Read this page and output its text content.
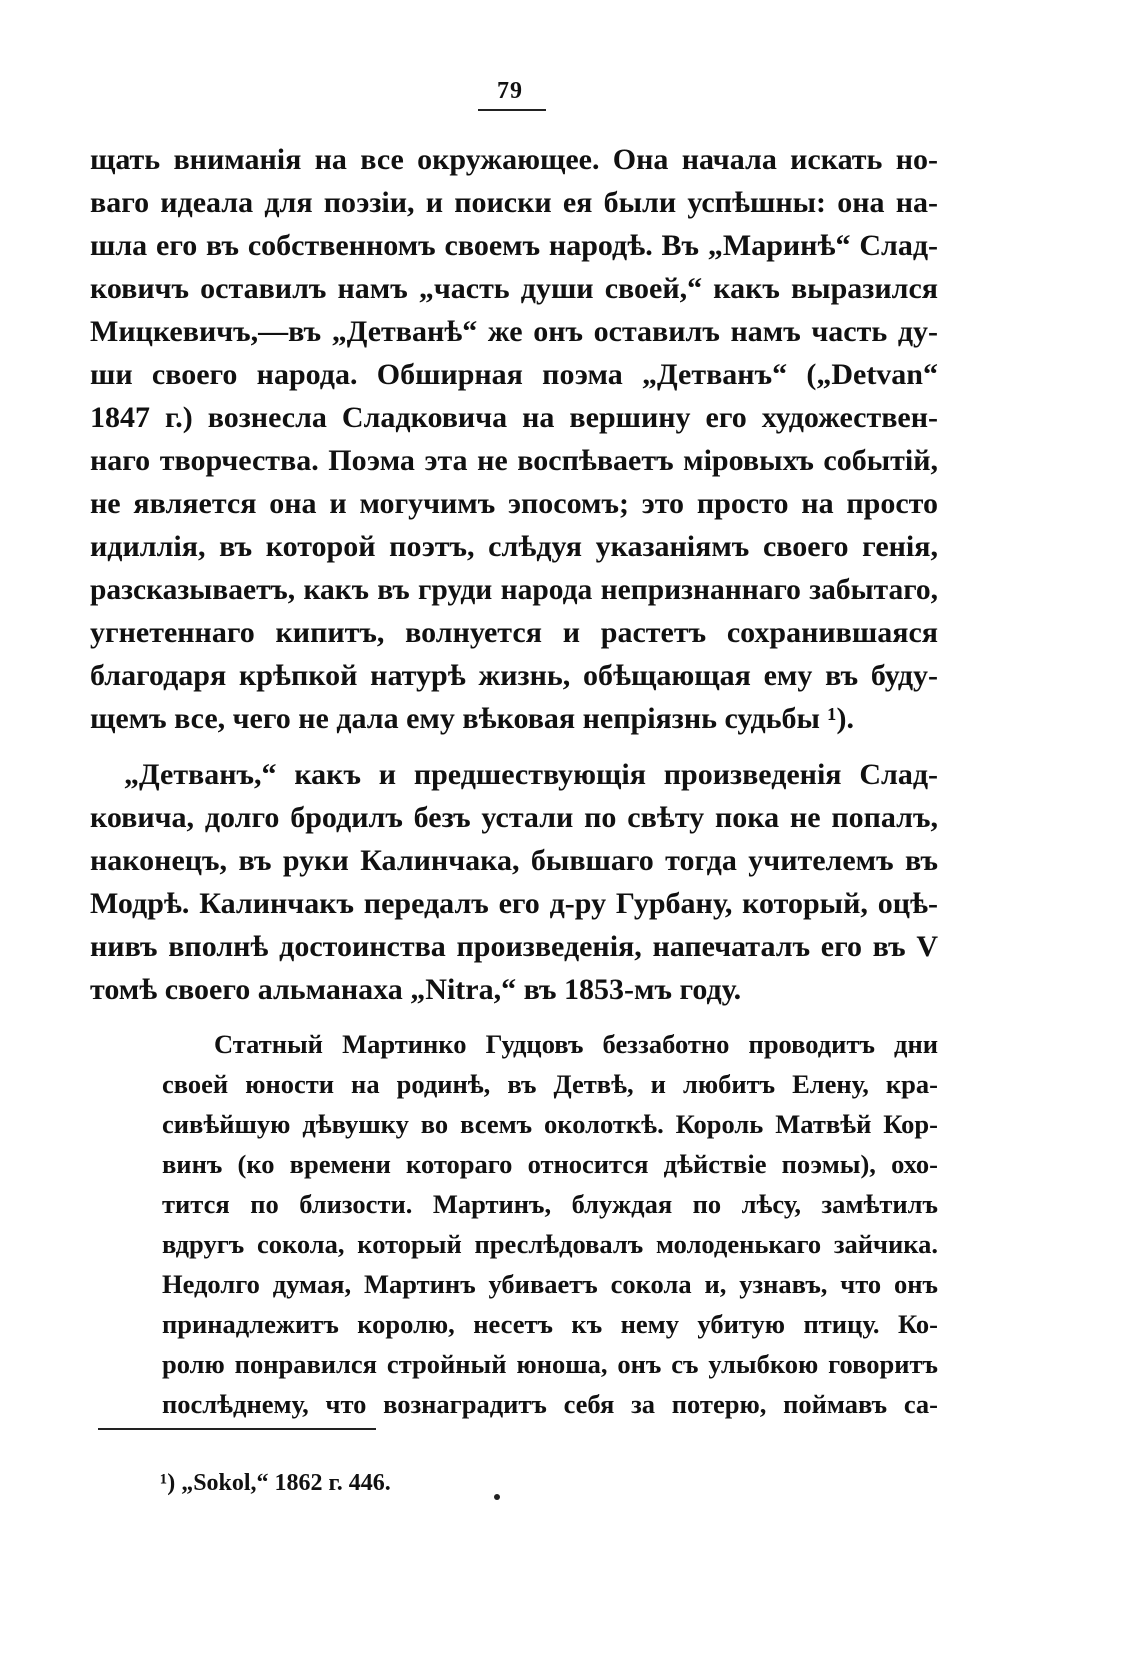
79
щать вниманія на все окружающее. Она начала искать но-
ваго идеала для поэзіи, и поиски ея были успѣшны: она на-
шла его въ собственномъ своемъ народѣ. Въ „Маринѣ“ Слад-
ковичъ оставилъ намъ „часть души своей,“ какъ выразился
Мицкевичъ,—въ „Детванѣ“ же онъ оставилъ намъ часть ду-
ши своего народа. Обширная поэма „Детванъ“ („Detvan“
1847 г.) вознесла Сладковича на вершину его художествен-
наго творчества. Поэма эта не воспѣваетъ міровыхъ событій,
не является она и могучимъ эпосомъ; это просто на просто
идиллія, въ которой поэтъ, слѣдуя указаніямъ своего генія,
разсказываетъ, какъ въ груди народа непризнаннаго забытаго,
угнетеннаго кипитъ, волнуется и растетъ сохранившаяся
благодаря крѣпкой натурѣ жизнь, обѣщающая ему въ буду-
щемъ все, чего не дала ему вѣковая непріязнь судьбы ¹).
„Детванъ,“ какъ и предшествующія произведенія Слад-
ковича, долго бродилъ безъ устали по свѣту пока не попалъ,
наконецъ, въ руки Калинчака, бывшаго тогда учителемъ въ
Модрѣ. Калинчакъ передалъ его д-ру Гурбану, который, оцѣ-
нивъ вполнѣ достоинства произведенія, напечаталъ его въ V
томѣ своего альманаха „Nitra,“ въ 1853-мъ году.
Статный Мартинко Гудцовъ беззаботно проводитъ дни
своей юности на родинѣ, въ Детвѣ, и любитъ Елену, кра-
сивѣйшую дѣвушку во всемъ околоткѣ. Король Матвѣй Кор-
винъ (ко времени котораго относится дѣйствіе поэмы), охо-
тится по близости. Мартинъ, блуждая по лѣсу, замѣтилъ
вдругъ сокола, который преслѣдовалъ молоденькаго зайчика.
Недолго думая, Мартинъ убиваетъ сокола и, узнавъ, что онъ
принадлежитъ королю, несетъ къ нему убитую птицу. Ко-
ролю понравился стройный юноша, онъ съ улыбкою говоритъ
послѣднему, что вознаградитъ себя за потерю, поймавъ са-
¹) „Sokol,“ 1862 г. 446.
